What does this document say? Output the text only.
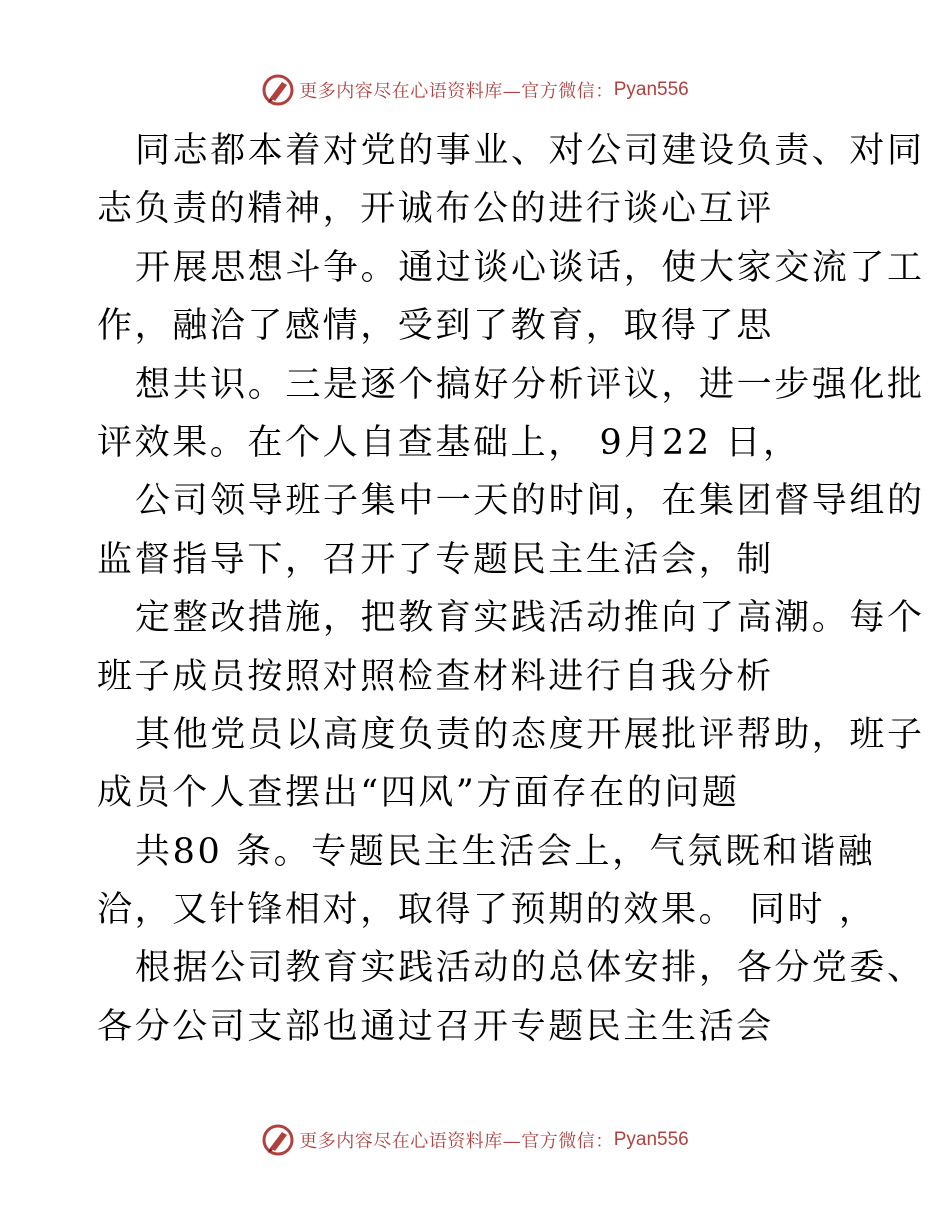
更多内容尽在心语资料库—官方微信： Pyan556
同志都本着对党的事业、对公司建设负责、对同
志负责的精神，开诚布公的进行谈心互评
开展思想斗争。通过谈心谈话，使大家交流了工
作，融洽了感情，受到了教育，取得了思
想共识。三是逐个搞好分析评议，进一步强化批
评效果。在个人自查基础上， 9月22 日，
公司领导班子集中一天的时间，在集团督导组的
监督指导下，召开了专题民主生活会，制
定整改措施，把教育实践活动推向了高潮。每个
班子成员按照对照检查材料进行自我分析
其他党员以高度负责的态度开展批评帮助，班子
成员个人查摆出“四风”方面存在的问题
共80 条。专题民主生活会上，气氛既和谐融
洽，又针锋相对，取得了预期的效果。 同时 ，
根据公司教育实践活动的总体安排，各分党委、
各分公司支部也通过召开专题民主生活会
更多内容尽在心语资料库—官方微信： Pyan556
